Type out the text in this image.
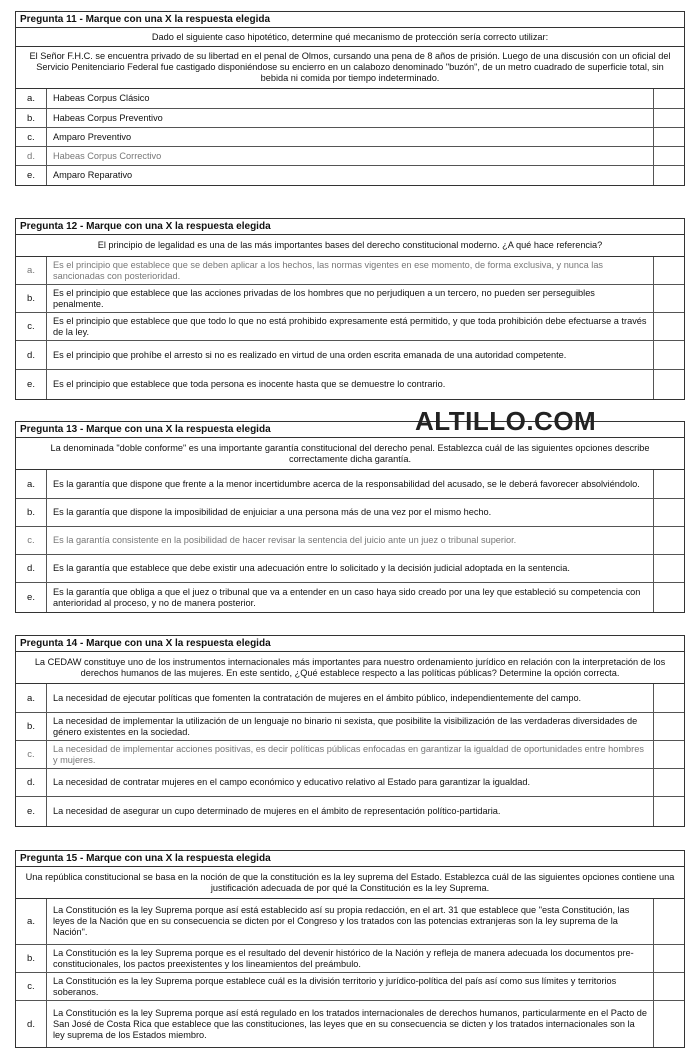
Pregunta 11 - Marque con una X la respuesta elegida
Dado el siguiente caso hipotético, determine qué mecanismo de protección sería correcto utilizar:
El Señor F.H.C. se encuentra privado de su libertad en el penal de Olmos, cursando una pena de 8 años de prisión. Luego de una discusión con un oficial del Servicio Penitenciario Federal fue castigado disponiéndose su encierro en un calabozo denominado "buzón", de un metro cuadrado de superficie total, sin bebida ni comida por tiempo indeterminado.
a.	Habeas Corpus Clásico
b.	Habeas Corpus Preventivo
c.	Amparo Preventivo
d.	Habeas Corpus Correctivo
e.	Amparo Reparativo
Pregunta 12 - Marque con una X la respuesta elegida
El principio de legalidad es una de las más importantes bases del derecho constitucional moderno. ¿A qué hace referencia?
a.
Es el principio que establece que se deben aplicar a los hechos, las normas vigentes en ese momento, de forma exclusiva, y nunca las sancionadas con posterioridad.
b.
Es el principio que establece que las acciones privadas de los hombres que no perjudiquen a un tercero, no pueden ser perseguibles penalmente.
c.
Es el principio que establece que que todo lo que no está prohibido expresamente está permitido, y que toda prohibición debe efectuarse a través de la ley.
d.	Es el principio que prohíbe el arresto si no es realizado en virtud de una orden escrita emanada de una autoridad competente.
e.	Es el principio que establece que toda persona es inocente hasta que se demuestre lo contrario.
Pregunta 13 - Marque con una X la respuesta elegida
La denominada "doble conforme" es una importante garantía constitucional del derecho penal. Establezca cuál de las siguientes opciones describe correctamente dicha garantía.
a.	Es la garantía que dispone que frente a la menor incertidumbre acerca de la responsabilidad del acusado, se le deberá favorecer absolviéndolo.
b.	Es la garantía que dispone la imposibilidad de enjuiciar a una persona más de una vez por el mismo hecho.
c.	Es la garantía consistente en la posibilidad de hacer revisar la sentencia del juicio ante un juez o tribunal superior.
d.	Es la garantía que establece que debe existir una adecuación entre lo solicitado y la decisión judicial adoptada en la sentencia.
e.
Es la garantía que obliga a que el juez o tribunal que va a entender en un caso haya sido creado por una ley que estableció su competencia con anterioridad al proceso, y no de manera posterior.
Pregunta 14 - Marque con una X la respuesta elegida
La CEDAW constituye uno de los instrumentos internacionales más importantes para nuestro ordenamiento jurídico en relación con la interpretación de los derechos humanos de las mujeres. En este sentido, ¿Qué establece respecto a las políticas públicas? Determine la opción correcta.
a.	La necesidad de ejecutar políticas que fomenten la contratación de mujeres en el ámbito público, independientemente del campo.
b.
La necesidad de implementar la utilización de un lenguaje no binario ni sexista, que posibilite la visibilización de las verdaderas diversidades de género existentes en la sociedad.
c.
La necesidad de implementar acciones positivas, es decir políticas públicas enfocadas en garantizar la igualdad de oportunidades entre hombres y mujeres.
d.	La necesidad de contratar mujeres en el campo económico y educativo relativo al Estado para garantizar la igualdad.
e.	La necesidad de asegurar un cupo determinado de mujeres en el ámbito de representación político-partidaria.
Pregunta 15 - Marque con una X la respuesta elegida
Una república constitucional se basa en la noción de que la constitución es la ley suprema del Estado. Establezca cuál de las siguientes opciones contiene una justificación adecuada de por qué la Constitución es la ley Suprema.
a.
La Constitución es la ley Suprema porque así está establecido así su propia redacción, en el art. 31 que establece que "esta Constitución, las leyes de la Nación que en su consecuencia se dicten por el Congreso y los tratados con las potencias extranjeras son la ley suprema de la Nación".
b.
La Constitución es la ley Suprema porque es el resultado del devenir histórico de la Nación y refleja de manera adecuada los documentos pre-constitucionales, los pactos preexistentes y los lineamientos del preámbulo.
c.
La Constitución es la ley Suprema porque establece cuál es la división territorio y jurídico-política del país así como sus límites y territorios soberanos.
d.
La Constitución es la ley Suprema porque así está regulado en los tratados internacionales de derechos humanos, particularmente en el Pacto de San José de Costa Rica que establece que las constituciones, las leyes que en su consecuencia se dicten y los tratados internacionales son la ley suprema de los Estados miembro.
ALTILLO.COM
